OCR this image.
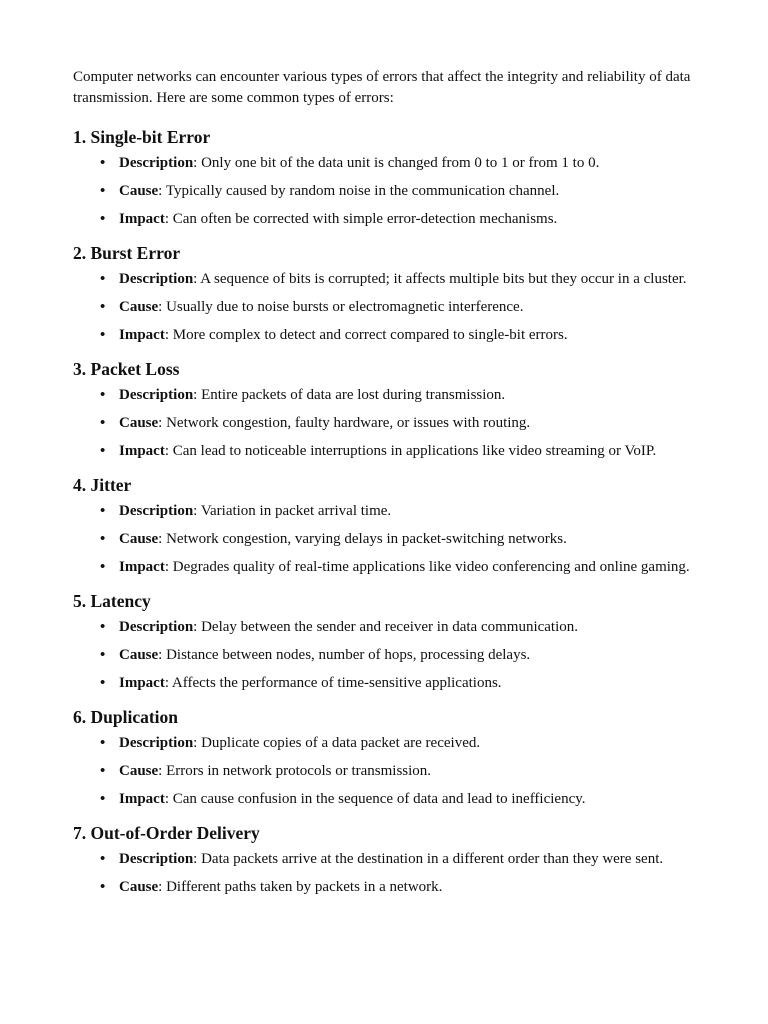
Computer networks can encounter various types of errors that affect the integrity and reliability of data transmission. Here are some common types of errors:

1. Single-bit Error
• Description: Only one bit of the data unit is changed from 0 to 1 or from 1 to 0.
• Cause: Typically caused by random noise in the communication channel.
• Impact: Can often be corrected with simple error-detection mechanisms.
2. Burst Error
• Description: A sequence of bits is corrupted; it affects multiple bits but they occur in a cluster.
• Cause: Usually due to noise bursts or electromagnetic interference.
• Impact: More complex to detect and correct compared to single-bit errors.
3. Packet Loss
• Description: Entire packets of data are lost during transmission.
• Cause: Network congestion, faulty hardware, or issues with routing.
• Impact: Can lead to noticeable interruptions in applications like video streaming or VoIP.
4. Jitter
• Description: Variation in packet arrival time.
• Cause: Network congestion, varying delays in packet-switching networks.
• Impact: Degrades quality of real-time applications like video conferencing and online gaming.
5. Latency
• Description: Delay between the sender and receiver in data communication.
• Cause: Distance between nodes, number of hops, processing delays.
• Impact: Affects the performance of time-sensitive applications.
6. Duplication
• Description: Duplicate copies of a data packet are received.
• Cause: Errors in network protocols or transmission.
• Impact: Can cause confusion in the sequence of data and lead to inefficiency.
7. Out-of-Order Delivery
• Description: Data packets arrive at the destination in a different order than they were sent.
• Cause: Different paths taken by packets in a network.
